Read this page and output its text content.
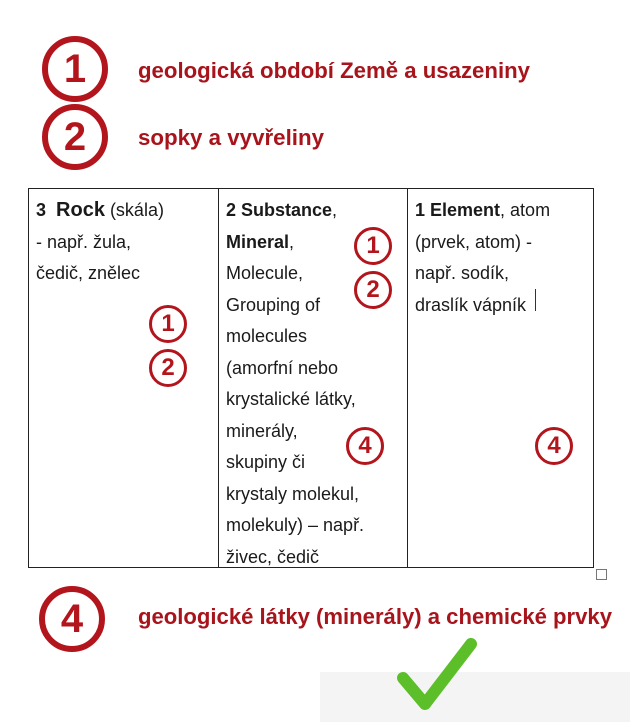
1 geologická období Země a usazeniny
2 sopky a vyvřeliny
3 Rock (skála)
- např. žula,
čedič, znělec
1
2
2 Substance,
Mineral,
Molecule,
Grouping of
molecules
(amorfní nebo
krystalické látky,
minerály,
skupiny či
krystaly molekul,
molekuly) – např.
živec, čedič
1
2
4
1 Element, atom
(prvek, atom) -
např. sodík,
draslík vápník
4
4 geologické látky (minerály) a chemické prvky
